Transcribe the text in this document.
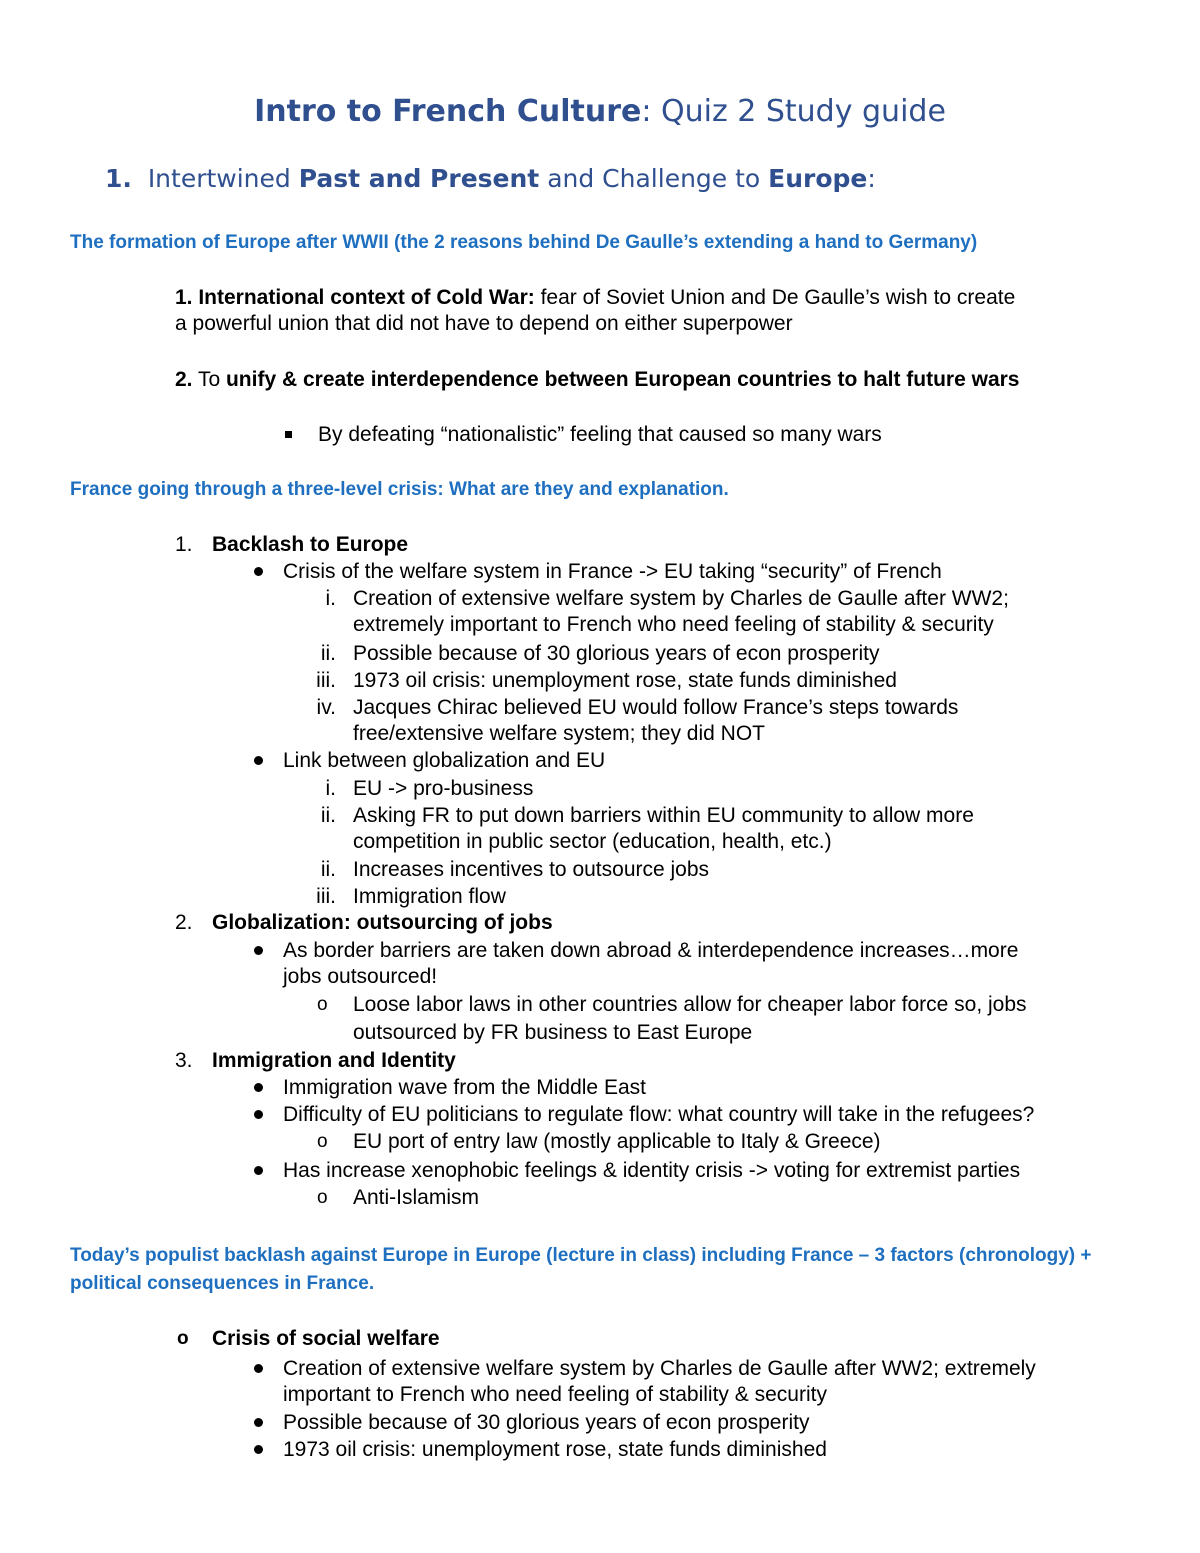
Intro to French Culture: Quiz 2 Study guide
1. Intertwined Past and Present and Challenge to Europe:
The formation of Europe after WWII (the 2 reasons behind De Gaulle’s extending a hand to Germany)
1. International context of Cold War: fear of Soviet Union and De Gaulle’s wish to create
a powerful union that did not have to depend on either superpower
2. To unify & create interdependence between European countries to halt future wars
By defeating “nationalistic” feeling that caused so many wars
France going through a three-level crisis: What are they and explanation.
1. Backlash to Europe
Crisis of the welfare system in France -> EU taking “security” of French
i. Creation of extensive welfare system by Charles de Gaulle after WW2;
extremely important to French who need feeling of stability & security
ii. Possible because of 30 glorious years of econ prosperity
iii. 1973 oil crisis: unemployment rose, state funds diminished
iv. Jacques Chirac believed EU would follow France’s steps towards
free/extensive welfare system; they did NOT
Link between globalization and EU
i. EU -> pro-business
ii. Asking FR to put down barriers within EU community to allow more
competition in public sector (education, health, etc.)
ii. Increases incentives to outsource jobs
iii. Immigration flow
2. Globalization: outsourcing of jobs
As border barriers are taken down abroad & interdependence increases…more
jobs outsourced!
o Loose labor laws in other countries allow for cheaper labor force so, jobs
outsourced by FR business to East Europe
3. Immigration and Identity
Immigration wave from the Middle East
Difficulty of EU politicians to regulate flow: what country will take in the refugees?
o EU port of entry law (mostly applicable to Italy & Greece)
Has increase xenophobic feelings & identity crisis -> voting for extremist parties
o Anti-Islamism
Today’s populist backlash against Europe in Europe (lecture in class) including France – 3 factors (chronology) +
political consequences in France.
o Crisis of social welfare
Creation of extensive welfare system by Charles de Gaulle after WW2; extremely
important to French who need feeling of stability & security
Possible because of 30 glorious years of econ prosperity
1973 oil crisis: unemployment rose, state funds diminished
